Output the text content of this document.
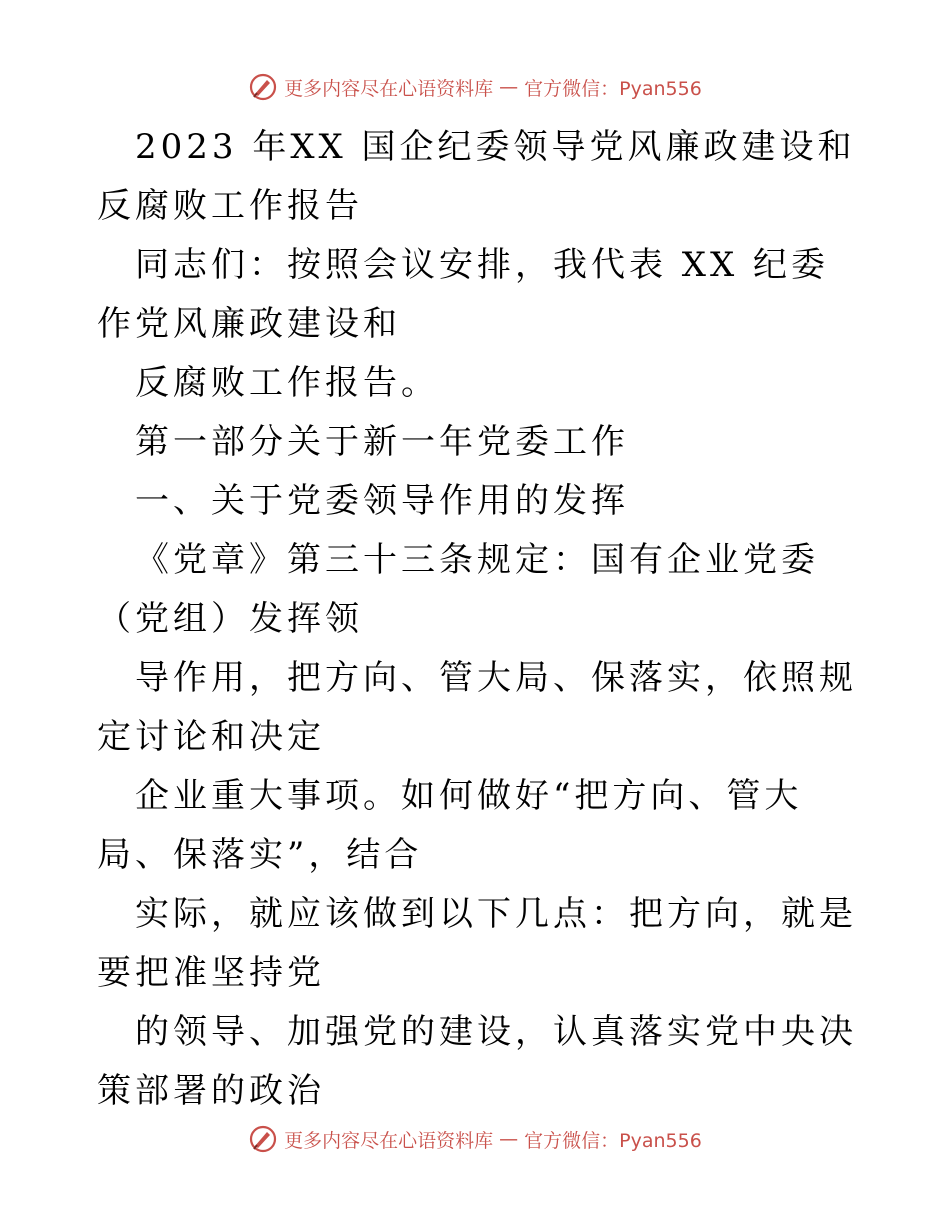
更多内容尽在心语资料库 — 官方微信：Pyan556

2023 年XX 国企纪委领导党风廉政建设和反腐败工作报告

同志们：按照会议安排，我代表 XX 纪委作党风廉政建设和

反腐败工作报告。

第一部分关于新一年党委工作

一、关于党委领导作用的发挥

《党章》第三十三条规定：国有企业党委（党组）发挥领

导作用，把方向、管大局、保落实，依照规定讨论和决定

企业重大事项。如何做好“把方向、管大局、保落实”，结合

实际，就应该做到以下几点：把方向，就是要把准坚持党

的领导、加强党的建设，认真落实党中央决策部署的政治

更多内容尽在心语资料库 — 官方微信：Pyan556
